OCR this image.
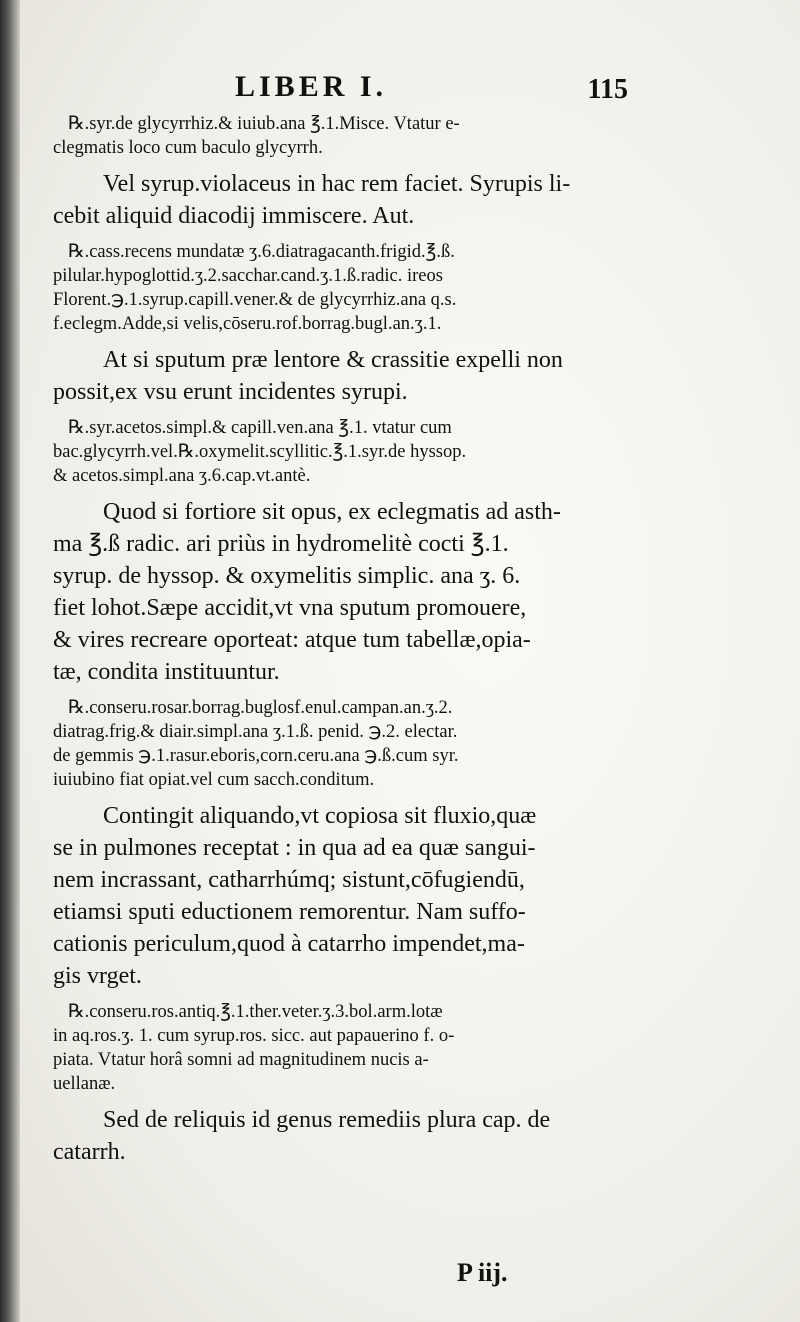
LIBER I.	115
℞.syr.de glycyrrhiz.& iuiub.ana ℥.1.Misce. Vtatur e-
clegmatis loco cum baculo glycyrrh.
Vel syrup.violaceus in hac rem faciet. Syrupis li-
cebit aliquid diacodij immiscere. Aut.
℞.cass.recens mundatæ ʒ.6.diatragacanth.frigid.℥.ß.
pilular.hypoglottid.ʒ.2.sacchar.cand.ʒ.1.ß.radic. ireos
Florent.℈.1.syrup.capill.vener.& de glycyrrhiz.ana q.s.
f.eclegm.Adde,si velis,cōseru.rof.borrag.bugl.an.ʒ.1.
At si sputum præ lentore & crassitie expelli non
possit,ex vsu erunt incidentes syrupi.
℞.syr.acetos.simpl.& capill.ven.ana ℥.1. vtatur cum
bac.glycyrrh.vel.℞.oxymelit.scyllitic.℥.1.syr.de hyssop.
& acetos.simpl.ana ʒ.6.cap.vt.antè.
Quod si fortiore sit opus, ex eclegmatis ad asth-
ma ℥.ß radic. ari priùs in hydromelitè cocti ℥.1.
syrup. de hyssop. & oxymelitis simplic. ana ʒ. 6.
fiet lohot.Sæpe accidit,vt vna sputum promouere,
& vires recreare oporteat: atque tum tabellæ,opia-
tæ, condita instituuntur.
℞.conseru.rosar.borrag.buglosf.enul.campan.an.ʒ.2.
diatrag.frig.& diair.simpl.ana ʒ.1.ß. penid. ℈.2. electar.
de gemmis ℈.1.rasur.eboris,corn.ceru.ana ℈.ß.cum syr.
iuiubino fiat opiat.vel cum sacch.conditum.
Contingit aliquando,vt copiosa sit fluxio,quæ
se in pulmones receptat : in qua ad ea quæ sangui-
nem incrassant, catharrhúmq; sistunt,cōfugiendū,
etiamsi sputi eductionem remorentur. Nam suffo-
cationis periculum,quod à catarrho impendet,ma-
gis vrget.
℞.conseru.ros.antiq.℥.1.ther.veter.ʒ.3.bol.arm.lotæ
in aq.ros.ʒ. 1. cum syrup.ros. sicc. aut papauerino f. o-
piata. Vtatur horâ somni ad magnitudinem nucis a-
uellanæ.
Sed de reliquis id genus remediis plura cap. de
catarrh.
P iij.
